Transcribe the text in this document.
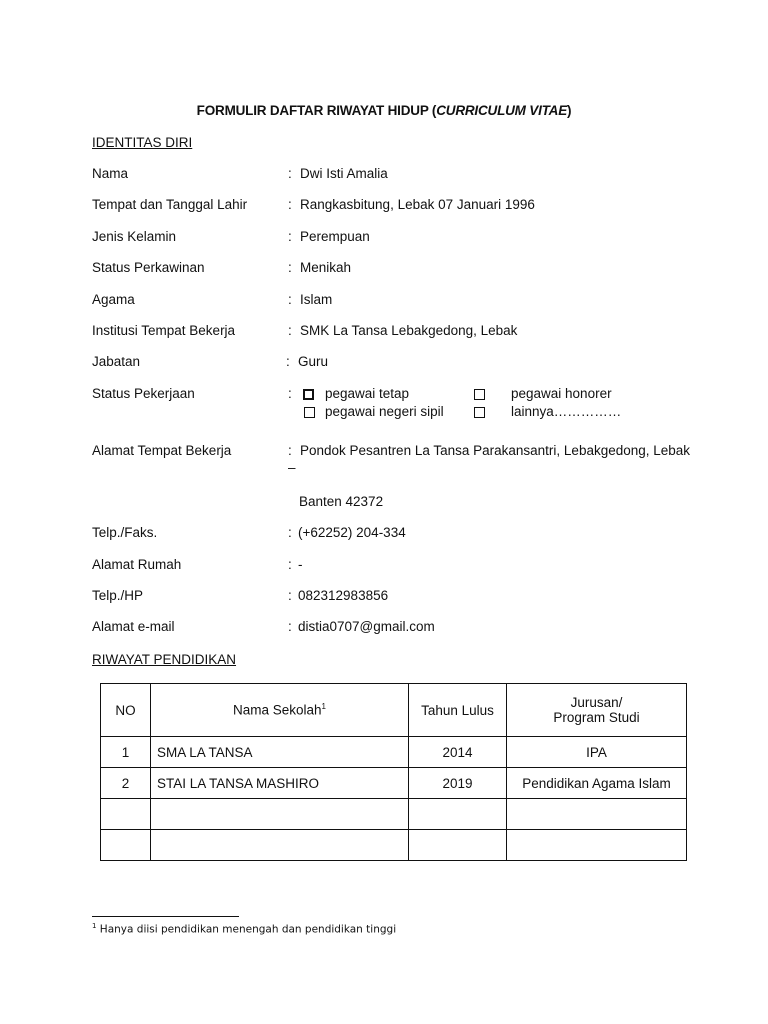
FORMULIR DAFTAR RIWAYAT HIDUP (CURRICULUM VITAE)
IDENTITAS DIRI
Nama	: Dwi Isti Amalia
Tempat dan Tanggal Lahir	: Rangkasbitung, Lebak 07 Januari 1996
Jenis Kelamin	: Perempuan
Status Perkawinan	: Menikah
Agama	: Islam
Institusi Tempat Bekerja	: SMK La Tansa Lebakgedong, Lebak
Jabatan	: Guru
Status Pekerjaan	: pegawai tetap	pegawai honorer
pegawai negeri sipil	lainnya……………
Alamat Tempat Bekerja	: Pondok Pesantren La Tansa Parakansantri, Lebakgedong, Lebak
–
Banten 42372
Telp./Faks.	: (+62252) 204-334
Alamat Rumah	: -
Telp./HP	: 082312983856
Alamat e-mail	: distia0707@gmail.com
RIWAYAT PENDIDIKAN
NO	Nama Sekolah$^1$	Tahun Lulus	Jurusan/
Program Studi
1	SMA LA TANSA	2014	IPA
2	STAI LA TANSA MASHIRO	2019	Pendidikan Agama Islam

$^1$ Hanya diisi pendidikan menengah dan pendidikan tinggi
